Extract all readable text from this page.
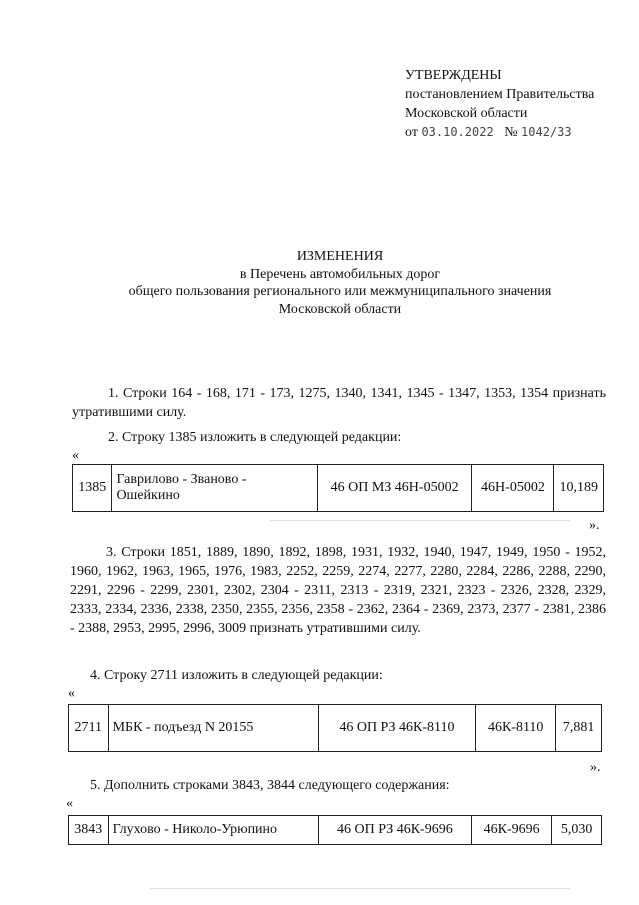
УТВЕРЖДЕНЫ
постановлением Правительства
Московской области
от 03.10.2022 № 1042/33
ИЗМЕНЕНИЯ
в Перечень автомобильных дорог
общего пользования регионального или межмуниципального значения
Московской области
1. Строки 164 - 168, 171 - 173, 1275, 1340, 1341, 1345 - 1347, 1353, 1354 признать утратившими силу.
2. Строку 1385 изложить в следующей редакции:
«
1385	Гаврилово - Званово - Ошейкино	46 ОП МЗ 46Н-05002	46Н-05002	10,189
».
3. Строки 1851, 1889, 1890, 1892, 1898, 1931, 1932, 1940, 1947, 1949, 1950 - 1952, 1960, 1962, 1963, 1965, 1976, 1983, 2252, 2259, 2274, 2277, 2280, 2284, 2286, 2288, 2290, 2291, 2296 - 2299, 2301, 2302, 2304 - 2311, 2313 - 2319, 2321, 2323 - 2326, 2328, 2329, 2333, 2334, 2336, 2338, 2350, 2355, 2356, 2358 - 2362, 2364 - 2369, 2373, 2377 - 2381, 2386 - 2388, 2953, 2995, 2996, 3009 признать утратившими силу.
4. Строку 2711 изложить в следующей редакции:
«
2711	МБК - подъезд N 20155	46 ОП РЗ 46К-8110	46К-8110	7,881
».
5. Дополнить строками 3843, 3844 следующего содержания:
«
3843	Глухово - Николо-Урюпино	46 ОП РЗ 46К-9696	46К-9696	5,030
